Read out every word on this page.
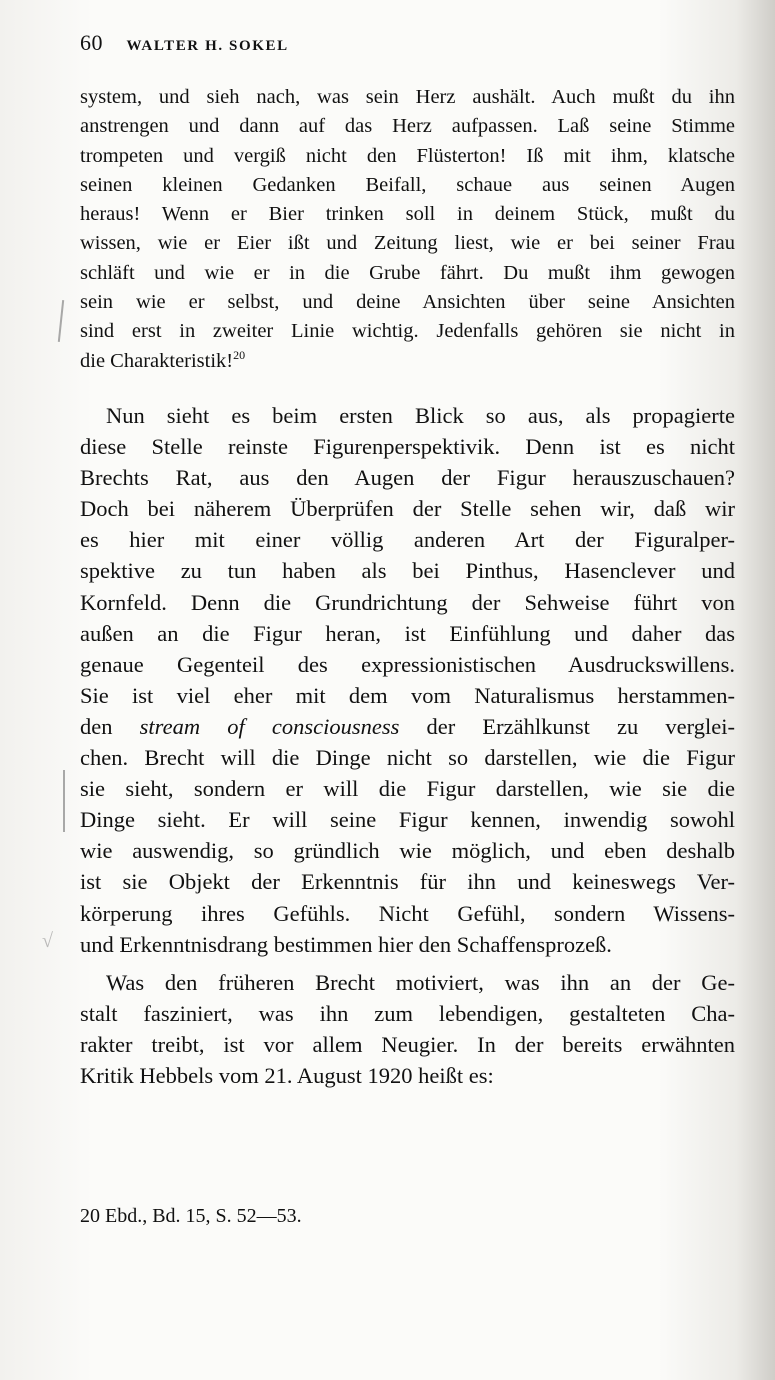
60 WALTER H. SOKEL
√
system, und sieh nach, was sein Herz aushält. Auch mußt du ihn
anstrengen und dann auf das Herz aufpassen. Laß seine Stimme
trompeten und vergiß nicht den Flüsterton! Iß mit ihm, klatsche
seinen kleinen Gedanken Beifall, schaue aus seinen Augen
heraus! Wenn er Bier trinken soll in deinem Stück, mußt du
wissen, wie er Eier ißt und Zeitung liest, wie er bei seiner Frau
schläft und wie er in die Grube fährt. Du mußt ihm gewogen
sein wie er selbst, und deine Ansichten über seine Ansichten
sind erst in zweiter Linie wichtig. Jedenfalls gehören sie nicht in
die Charakteristik!$^{20}$
Nun sieht es beim ersten Blick so aus, als propagierte
diese Stelle reinste Figurenperspektivik. Denn ist es nicht
Brechts Rat, aus den Augen der Figur herauszuschauen?
Doch bei näherem Überprüfen der Stelle sehen wir, daß wir
es hier mit einer völlig anderen Art der Figuralper-
spektive zu tun haben als bei Pinthus, Hasenclever und
Kornfeld. Denn die Grundrichtung der Sehweise führt von
außen an die Figur heran, ist Einfühlung und daher das
genaue Gegenteil des expressionistischen Ausdruckswillens.
Sie ist viel eher mit dem vom Naturalismus herstammen-
den stream of consciousness der Erzählkunst zu verglei-
chen. Brecht will die Dinge nicht so darstellen, wie die Figur
sie sieht, sondern er will die Figur darstellen, wie sie die
Dinge sieht. Er will seine Figur kennen, inwendig sowohl
wie auswendig, so gründlich wie möglich, und eben deshalb
ist sie Objekt der Erkenntnis für ihn und keineswegs Ver-
körperung ihres Gefühls. Nicht Gefühl, sondern Wissens-
und Erkenntnisdrang bestimmen hier den Schaffensprozeß.
Was den früheren Brecht motiviert, was ihn an der Ge-
stalt fasziniert, was ihn zum lebendigen, gestalteten Cha-
rakter treibt, ist vor allem Neugier. In der bereits erwähnten
Kritik Hebbels vom 21. August 1920 heißt es:
20 Ebd., Bd. 15, S. 52—53.
